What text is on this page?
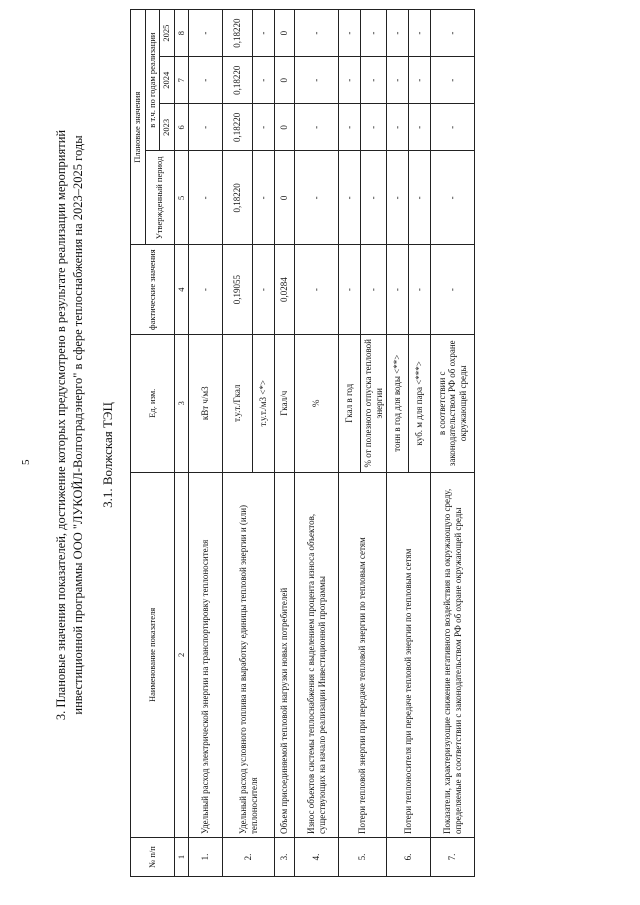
5 3. Плановые значения показателей, достижение которых предусмотрено в результате реализации мероприятий инвестиционной программы ООО "ЛУКОЙЛ-Волгоградэнерго" в сфере теплоснабжения на 2023–2025 годы 3.1. Волжская ТЭЦ
№ п/п	Наименование показателя	Ед. изм.	фактические значения	Плановые значения			
				Утвержденный период	в т.ч. по годам реализации		
					2023	2024	2025
1	2	3	4	5	6	7	8
1.	Удельный расход электрической энергии на транспортировку теплоносителя	кВт ч/м3	-	-	-	-	-
2.	Удельный расход условного топлива на выработку единицы тепловой энергии и (или) теплоносителя	т.у.т./Гкал	0,19055	0,18220	0,18220	0,18220	0,18220
		т.у.т./м3 <*>	-	-	-	-	-
3.	Объем присоединяемой тепловой нагрузки новых потребителей	Гкал/ч	0,0284	0	0	0	0
4.	Износ объектов системы теплоснабжения с выделением процента износа объектов, существующих на начало реализации Инвестиционной программы	%	-	-	-	-	-
5.	Потери тепловой энергии при передаче тепловой энергии по тепловым сетям	Гкал в год	-	-	-	-	-
		% от полезного отпуска тепловой энергии	-	-	-	-	-
6.	Потери теплоносителя при передаче тепловой энергии по тепловым сетям	тонн в год для воды <**>	-	-	-	-	-
		куб. м для пара <***>	-	-	-	-	-
7.	Показатели, характеризующие снижение негативного воздействия на окружающую среду, определяемые в соответствии с законодательством РФ об охране окружающей среды	в соответствии с законодательством РФ об охране окружающей среды	-	-	-	-	-
